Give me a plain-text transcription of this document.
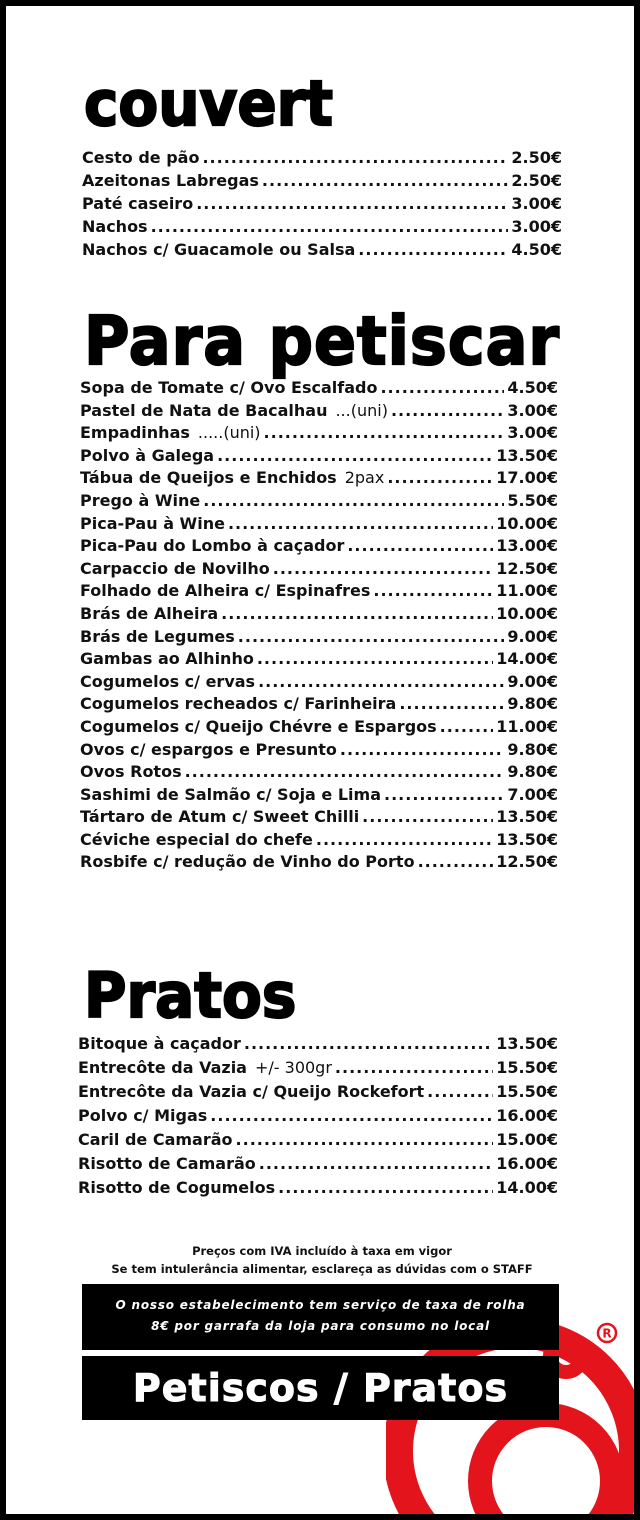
couvert
Cesto de pão .....	2.50€
Azeitonas Labregas .....	2.50€
Paté caseiro .....	3.00€
Nachos .....	3.00€
Nachos c/ Guacamole ou Salsa .....	4.50€
Para petiscar
Sopa de Tomate c/ Ovo Escalfado .....	4.50€
Pastel de Nata de Bacalhau ...(uni) .....	3.00€
Empadinhas .....(uni) .....	3.00€
Polvo à Galega .....	13.50€
Tábua de Queijos e Enchidos 2pax .....	17.00€
Prego à Wine .....	5.50€
Pica-Pau à Wine .....	10.00€
Pica-Pau do Lombo à caçador .....	13.00€
Carpaccio de Novilho .....	12.50€
Folhado de Alheira c/ Espinafres .....	11.00€
Brás de Alheira .....	10.00€
Brás de Legumes .....	9.00€
Gambas ao Alhinho .....	14.00€
Cogumelos c/ ervas .....	9.00€
Cogumelos recheados c/ Farinheira .....	9.80€
Cogumelos c/ Queijo Chévre e Espargos .....	11.00€
Ovos c/ espargos e Presunto .....	9.80€
Ovos Rotos .....	9.80€
Sashimi de Salmão c/ Soja e Lima .....	7.00€
Tártaro de Atum c/ Sweet Chilli .....	13.50€
Céviche especial do chefe .....	13.50€
Rosbife c/ redução de Vinho do Porto .....	12.50€
Pratos
Bitoque à caçador .....	13.50€
Entrecôte da Vazia +/- 300gr .....	15.50€
Entrecôte da Vazia c/ Queijo Rockefort .....	15.50€
Polvo c/ Migas .....	16.00€
Caril de Camarão .....	15.00€
Risotto de Camarão .....	16.00€
Risotto de Cogumelos .....	14.00€
Preços com IVA incluído à taxa em vigor
Se tem intulerância alimentar, esclareça as dúvidas com o STAFF
R
O nosso estabelecimento tem serviço de taxa de rolha
8€ por garrafa da loja para consumo no local
Petiscos / Pratos
